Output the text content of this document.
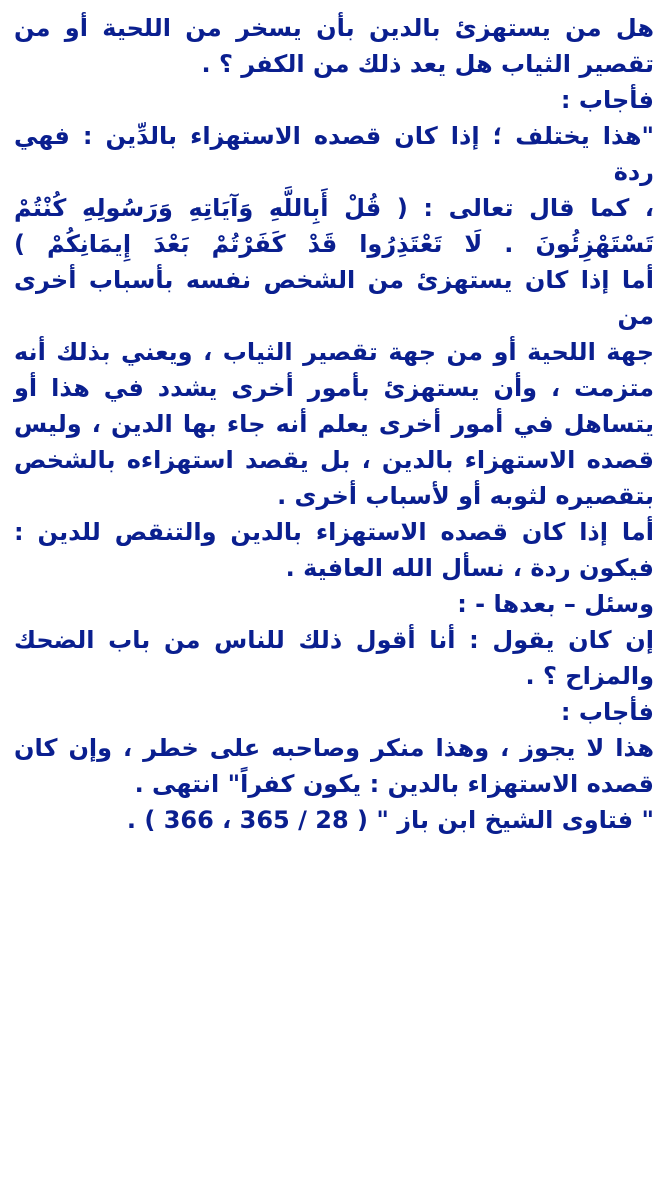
هل من يستهزئ بالدين بأن يسخر من اللحية أو من

تقصير الثياب هل يعد ذلك من الكفر ؟ .

فأجاب :

"هذا يختلف ؛ إذا كان قصده الاستهزاء بالدِّين : فهي ردة

، كما قال تعالى : ( قُلْ أَبِاللَّهِ وَآيَاتِهِ وَرَسُولِهِ كُنْتُمْ

تَسْتَهْزِئُونَ . لَا تَعْتَذِرُوا قَدْ كَفَرْتُمْ بَعْدَ إِيمَانِكُمْ )

أما إذا كان يستهزئ من الشخص نفسه بأسباب أخرى من

جهة اللحية أو من جهة تقصير الثياب ، ويعني بذلك أنه

متزمت ، وأن يستهزئ بأمور أخرى يشدد في هذا أو

يتساهل في أمور أخرى يعلم أنه جاء بها الدين ، وليس

قصده الاستهزاء بالدين ، بل يقصد استهزاءه بالشخص

بتقصيره لثوبه أو لأسباب أخرى .

أما إذا كان قصده الاستهزاء بالدين والتنقص للدين :

فيكون ردة ، نسأل الله العافية .

وسئل – بعدها - :

إن كان يقول : أنا أقول ذلك للناس من باب الضحك

والمزاح ؟ .

فأجاب :

هذا لا يجوز ، وهذا منكر وصاحبه على خطر ، وإن كان

قصده الاستهزاء بالدين : يكون كفراً" انتهى .

" فتاوى الشيخ ابن باز " ( 28 / 365 ، 366 ) .
